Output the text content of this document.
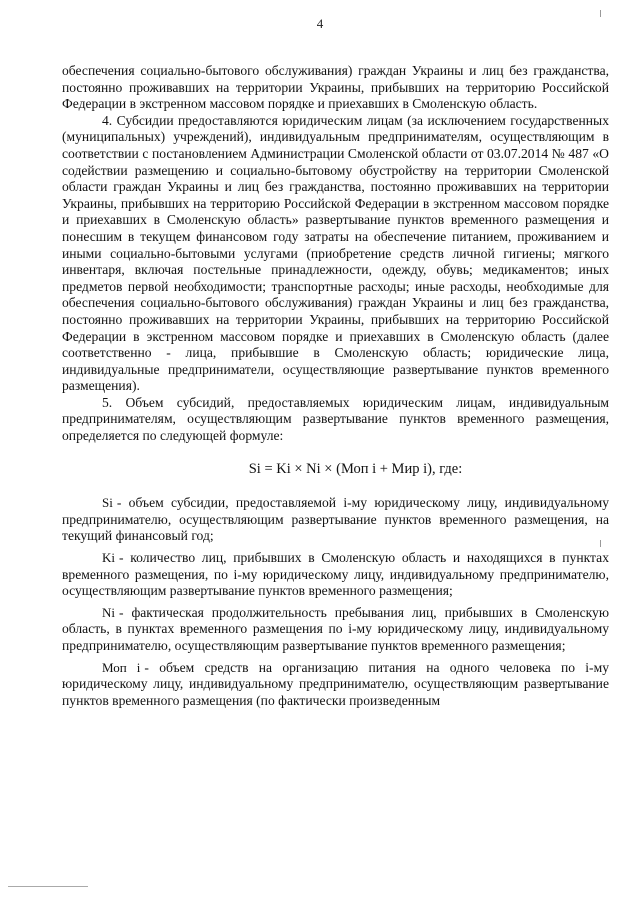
4

обеспечения социально-бытового обслуживания) граждан Украины и лиц без гражданства, постоянно проживавших на территории Украины, прибывших на территорию Российской Федерации в экстренном массовом порядке и приехавших в Смоленскую область.

4. Субсидии предоставляются юридическим лицам (за исключением государственных (муниципальных) учреждений), индивидуальным предпринимателям, осуществляющим в соответствии с постановлением Администрации Смоленской области от 03.07.2014 № 487 «О содействии размещению и социально-бытовому обустройству на территории Смоленской области граждан Украины и лиц без гражданства, постоянно проживавших на территории Украины, прибывших на территорию Российской Федерации в экстренном массовом порядке и приехавших в Смоленскую область» развертывание пунктов временного размещения и понесшим в текущем финансовом году затраты на обеспечение питанием, проживанием и иными социально-бытовыми услугами (приобретение средств личной гигиены; мягкого инвентаря, включая постельные принадлежности, одежду, обувь; медикаментов; иных предметов первой необходимости; транспортные расходы; иные расходы, необходимые для обеспечения социально-бытового обслуживания) граждан Украины и лиц без гражданства, постоянно проживавших на территории Украины, прибывших на территорию Российской Федерации в экстренном массовом порядке и приехавших в Смоленскую область (далее соответственно - лица, прибывшие в Смоленскую область; юридические лица, индивидуальные предприниматели, осуществляющие развертывание пунктов временного размещения).

5. Объем субсидий, предоставляемых юридическим лицам, индивидуальным предпринимателям, осуществляющим развертывание пунктов временного размещения, определяется по следующей формуле:

Si = Ki × Ni × (Моп i + Мир i), где:

Si - объем субсидии, предоставляемой i-му юридическому лицу, индивидуальному предпринимателю, осуществляющим развертывание пунктов временного размещения, на текущий финансовый год;

Ki - количество лиц, прибывших в Смоленскую область и находящихся в пунктах временного размещения, по i-му юридическому лицу, индивидуальному предпринимателю, осуществляющим развертывание пунктов временного размещения;

Ni - фактическая продолжительность пребывания лиц, прибывших в Смоленскую область, в пунктах временного размещения по i-му юридическому лицу, индивидуальному предпринимателю, осуществляющим развертывание пунктов временного размещения;

Моп i - объем средств на организацию питания на одного человека по i-му юридическому лицу, индивидуальному предпринимателю, осуществляющим развертывание пунктов временного размещения (по фактически произведенным
